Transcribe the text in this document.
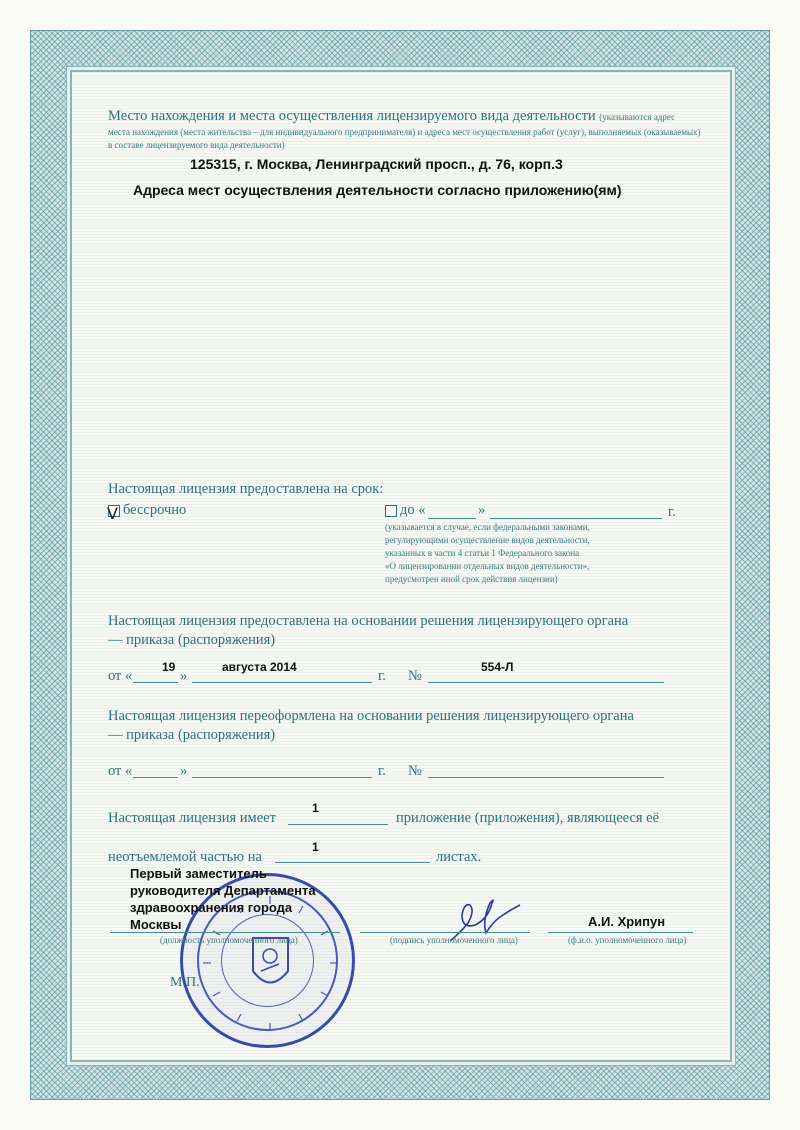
Место нахождения и места осуществления лицензируемого вида деятельности (указываются адрес
места нахождения (места жительства – для индивидуального предпринимателя) и адреса мест осуществления работ (услуг), выполняемых (оказываемых)
в составе лицензируемого вида деятельности)
125315, г. Москва, Ленинградский просп., д. 76, корп.3
Адреса мест осуществления деятельности согласно приложению(ям)
Настоящая лицензия предоставлена на срок:
V бессрочно	до «	»	г.
(указывается в случае, если федеральными законами,
регулирующими осуществление видов деятельности,
указанных в части 4 статьи 1 Федерального закона
«О лицензировании отдельных видов деятельности»,
предусмотрен иной срок действия лицензии)
Настоящая лицензия предоставлена на основании решения лицензирующего органа
— приказа (распоряжения)
от «
19
»
августа 2014
г. №
554-Л
Настоящая лицензия переоформлена на основании решения лицензирующего органа
— приказа (распоряжения)
от «	»	г. №
Настоящая лицензия имеет
1
приложение (приложения), являющееся её
неотъемлемой частью на
1
листах.
Первый заместитель
руководителя Департамента
здравоохранения города
Москвы
(должность уполномоченного лица)	(подпись уполномоченного лица)
А.И. Хрипун
(ф.и.о. уполномоченного лица)
М.П.
